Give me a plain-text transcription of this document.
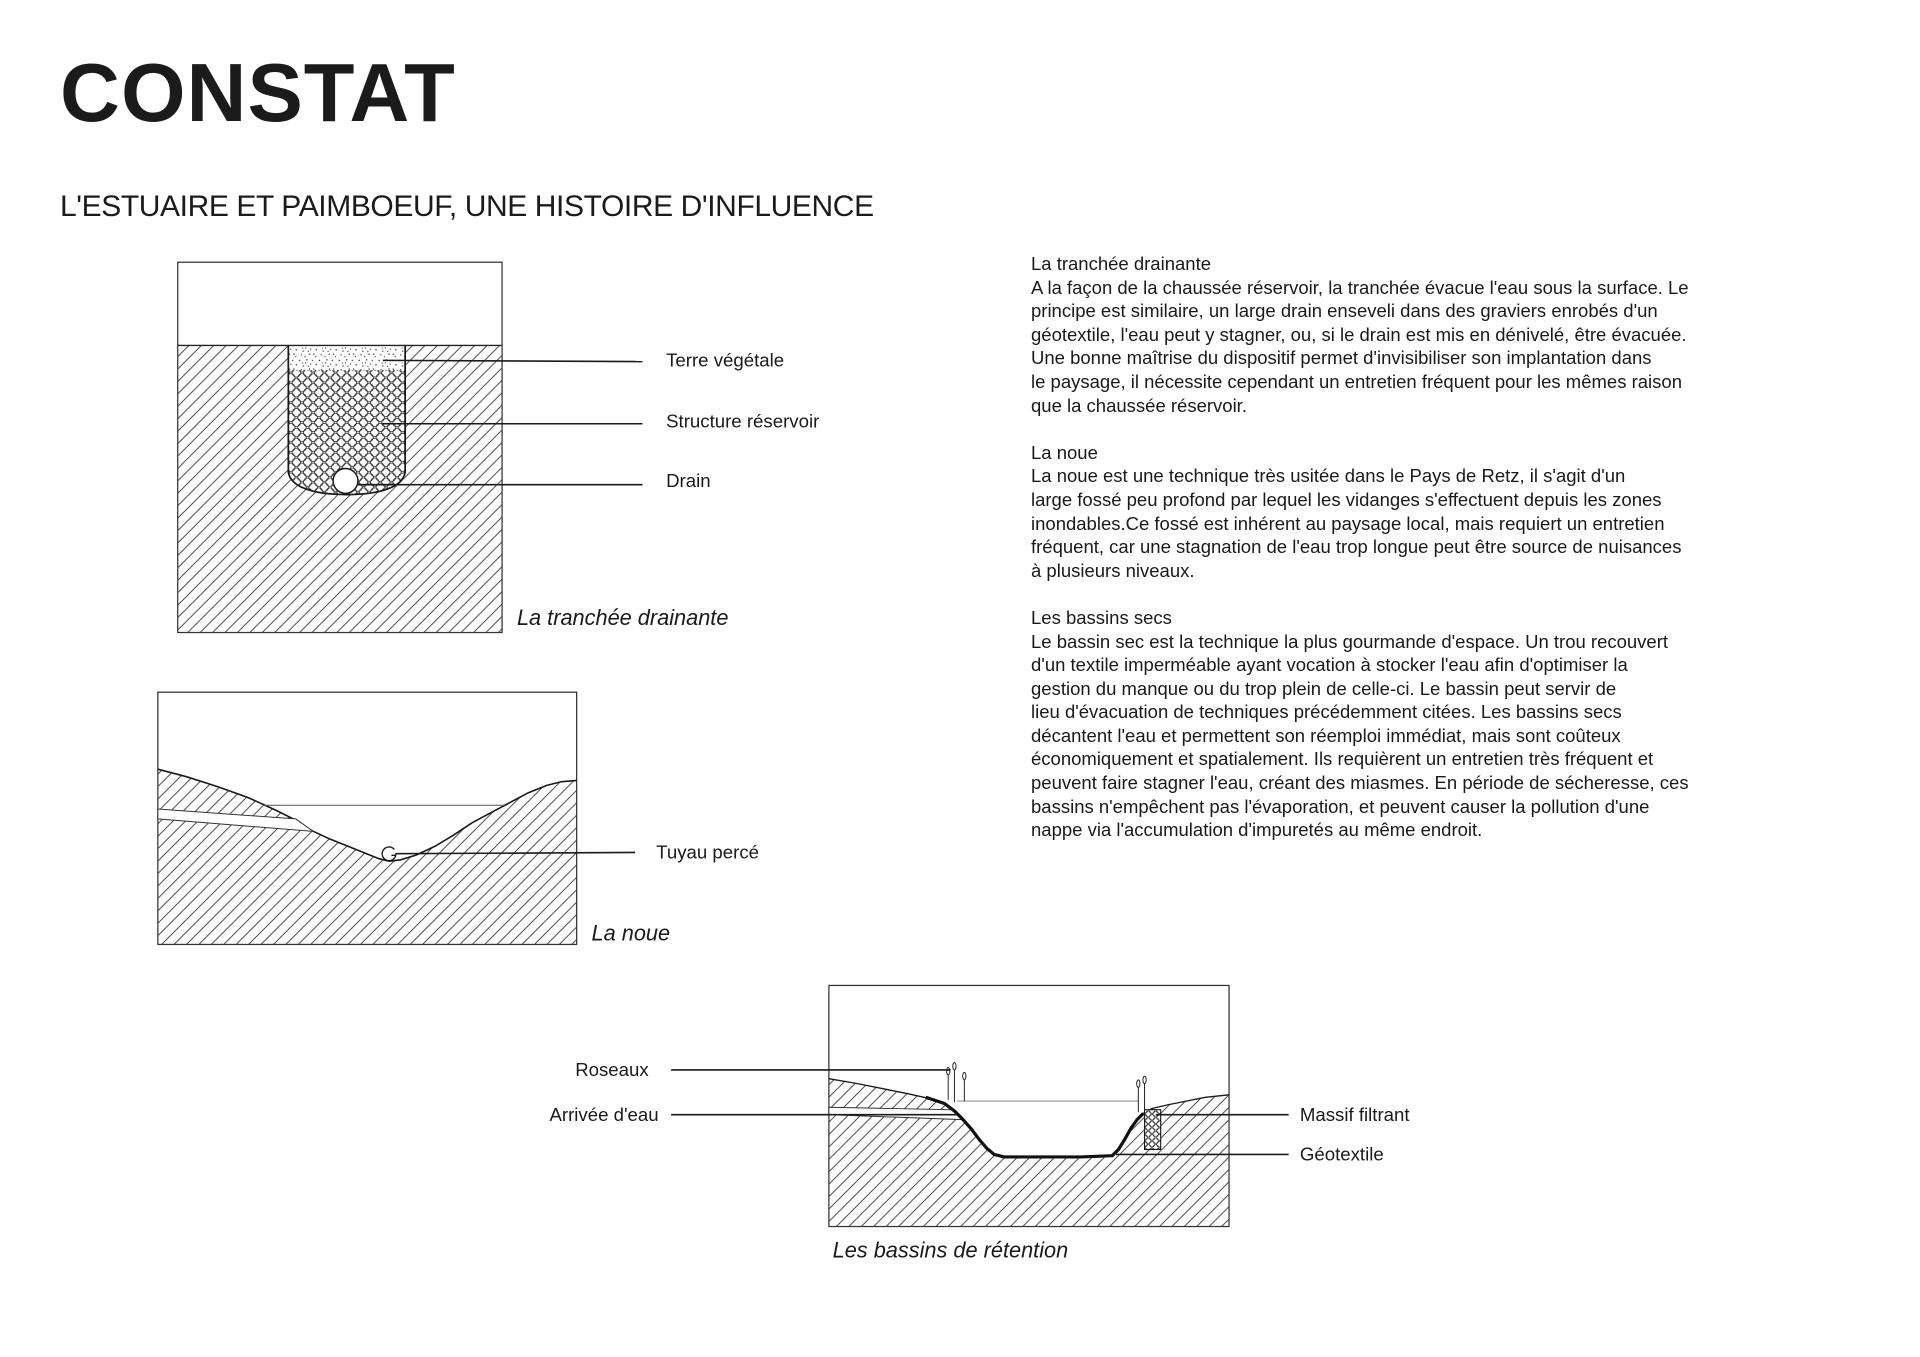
Terre végétale
Structure réservoir
Drain
La tranchée drainante
Tuyau percé
La noue
Roseaux
Arrivée d'eau	Massif filtrant
Géotextile
Les bassins de rétention
CONSTAT
L'ESTUAIRE ET PAIMBOEUF, UNE HISTOIRE D'INFLUENCE
La tranchée drainante
A la façon de la chaussée réservoir, la tranchée évacue l'eau sous la surface. Le
principe est similaire, un large drain enseveli dans des graviers enrobés d'un
géotextile, l'eau peut y stagner, ou, si le drain est mis en dénivelé, être évacuée.
Une bonne maîtrise du dispositif permet d'invisibiliser son implantation dans
le paysage, il nécessite cependant un entretien fréquent pour les mêmes raison
que la chaussée réservoir.
La noue
La noue est une technique très usitée dans le Pays de Retz, il s'agit d'un
large fossé peu profond par lequel les vidanges s'effectuent depuis les zones
inondables.Ce fossé est inhérent au paysage local, mais requiert un entretien
fréquent, car une stagnation de l'eau trop longue peut être source de nuisances
à plusieurs niveaux.
Les bassins secs
Le bassin sec est la technique la plus gourmande d'espace. Un trou recouvert
d'un textile imperméable ayant vocation à stocker l'eau afin d'optimiser la
gestion du manque ou du trop plein de celle-ci. Le bassin peut servir de
lieu d'évacuation de techniques précédemment citées. Les bassins secs
décantent l'eau et permettent son réemploi immédiat, mais sont coûteux
économiquement et spatialement. Ils requièrent un entretien très fréquent et
peuvent faire stagner l'eau, créant des miasmes. En période de sécheresse, ces
bassins n'empêchent pas l'évaporation, et peuvent causer la pollution d'une
nappe via l'accumulation d'impuretés au même endroit.
